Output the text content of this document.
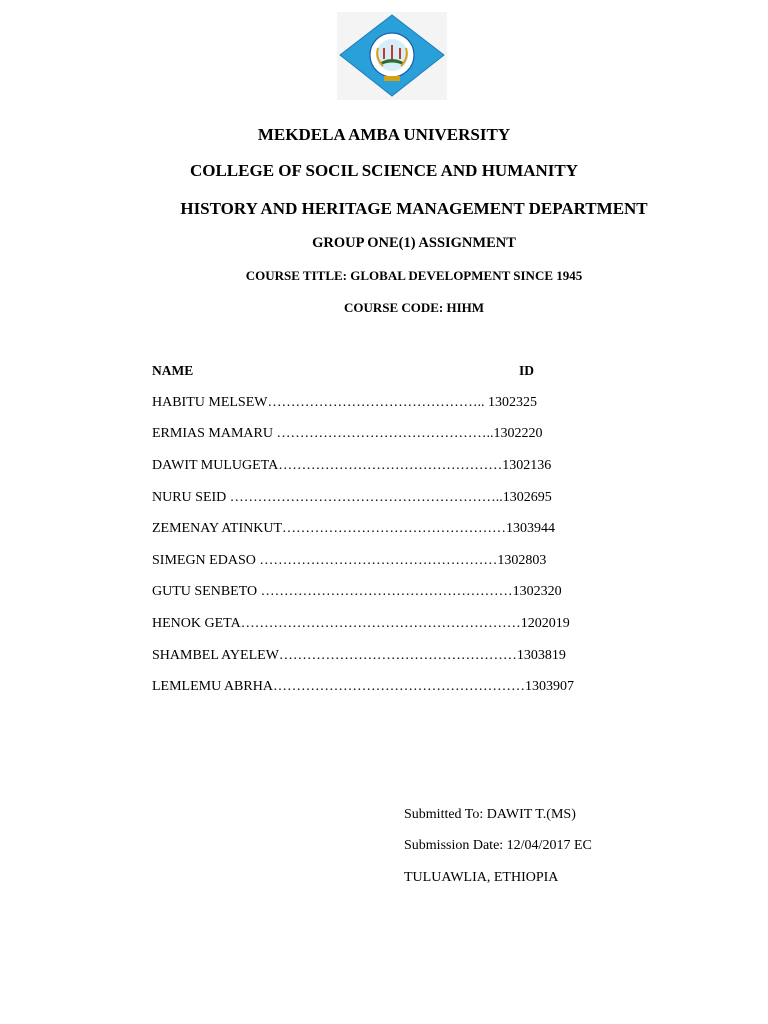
MEKDELA AMBA UNIVERSITY
COLLEGE OF SOCIL SCIENCE AND HUMANITY
HISTORY AND HERITAGE MANAGEMENT DEPARTMENT
GROUP ONE(1) ASSIGNMENT
COURSE TITLE: GLOBAL DEVELOPMENT SINCE 1945
COURSE CODE: HIHM
NAME	ID
HABITU MELSEW……………………………………….. 1302325
ERMIAS MAMARU ………………………………………..1302220
DAWIT MULUGETA…………………………………………1302136
NURU SEID …………………………………………………..1302695
ZEMENAY ATINKUT…………………………………………1303944
SIMEGN EDASO ……………………………………………1302803
GUTU SENBETO ………………………………………………1302320
HENOK GETA……………………………………………………1202019
SHAMBEL AYELEW……………………………………………1303819
LEMLEMU ABRHA………………………………………………1303907
Submitted To: DAWIT T.(MS)
Submission Date: 12/04/2017 EC
TULUAWLIA, ETHIOPIA
